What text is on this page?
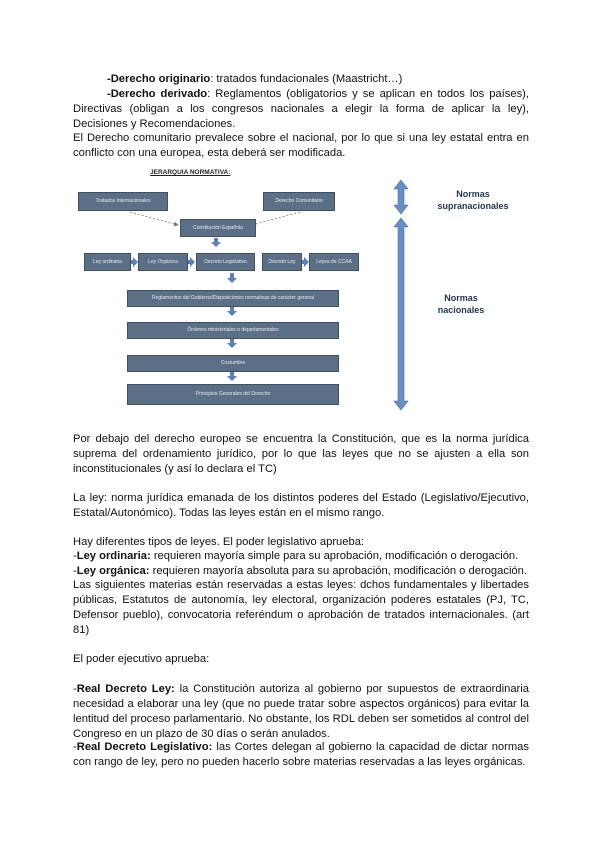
-Derecho originario: tratados fundacionales (Maastricht…)

-Derecho derivado: Reglamentos (obligatorios y se aplican en todos los países), Directivas (obligan a los congresos nacionales a elegir la forma de aplicar la ley), Decisiones y Recomendaciones.

El Derecho comunitario prevalece sobre el nacional, por lo que si una ley estatal entra en conflicto con una europea, esta deberá ser modificada.

JERARQUIA NORMATIVA:
Tratados Internacionales	Derecho Comunitario
Constitución Española
Ley ordinaria	Ley Orgánica	Decreto Legislativo	Decreto Ley	Leyes de CCAA
Reglamentos del Gobierno/Disposiciones normativas de carácter general
Órdenes ministeriales o departamentales
Costumbre
Principios Generales del Derecho
Normas supranacionales
Normas nacionales

Por debajo del derecho europeo se encuentra la Constitución, que es la norma jurídica suprema del ordenamiento jurídico, por lo que las leyes que no se ajusten a ella son inconstitucionales (y así lo declara el TC)

La ley: norma jurídica emanada de los distintos poderes del Estado (Legislativo/Ejecutivo, Estatal/Autonómico). Todas las leyes están en el mismo rango.

Hay diferentes tipos de leyes. El poder legislativo aprueba:

-Ley ordinaria: requieren mayoría simple para su aprobación, modificación o derogación.

-Ley orgánica: requieren mayoría absoluta para su aprobación, modificación o derogación.

Las siguientes materias están reservadas a estas leyes: dchos fundamentales y libertades públicas, Estatutos de autonomía, ley electoral, organización poderes estatales (PJ, TC, Defensor pueblo), convocatoria referéndum o aprobación de tratados internacionales. (art 81)

El poder ejecutivo aprueba:

-Real Decreto Ley: la Constitución autoriza al gobierno por supuestos de extraordinaria necesidad a elaborar una ley (que no puede tratar sobre aspectos orgánicos) para evitar la lentitud del proceso parlamentario. No obstante, los RDL deben ser sometidos al control del Congreso en un plazo de 30 días o serán anulados.

-Real Decreto Legislativo: las Cortes delegan al gobierno la capacidad de dictar normas con rango de ley, pero no pueden hacerlo sobre materias reservadas a las leyes orgánicas.
